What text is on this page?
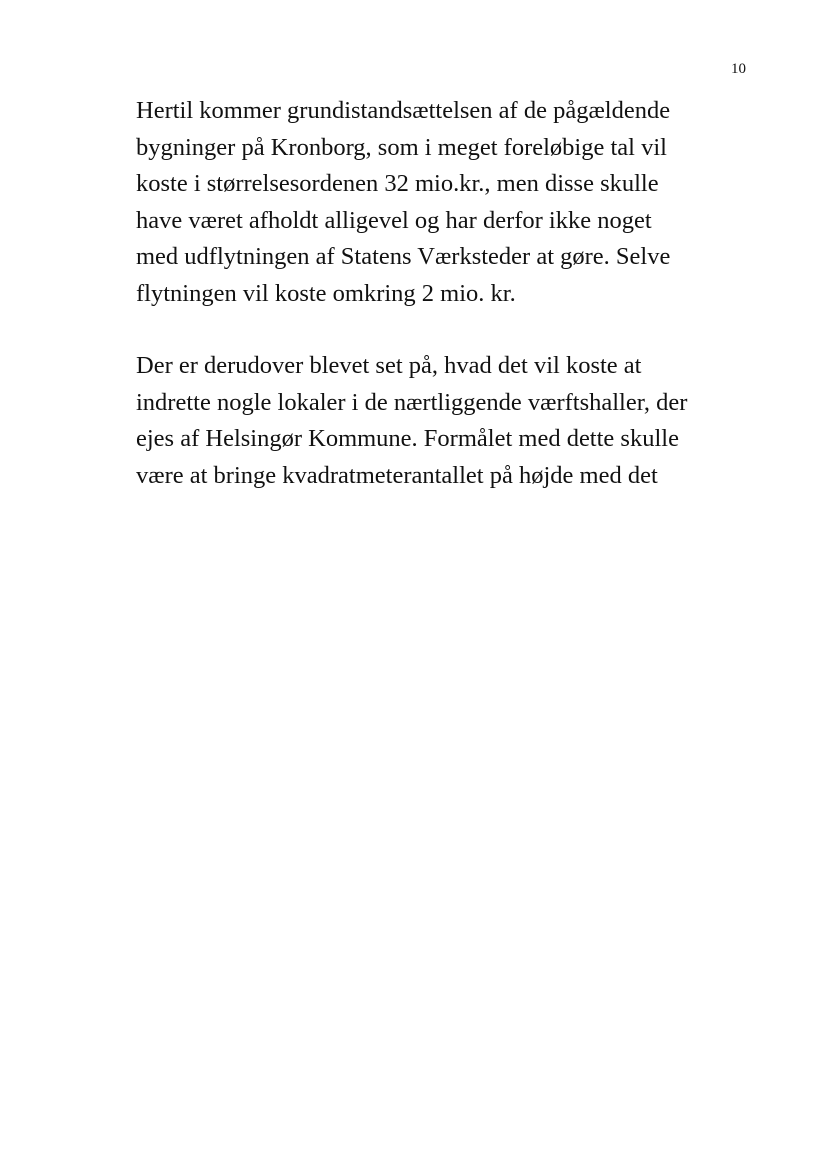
10

Hertil kommer grundistandsættelsen af de pågældende
bygninger på Kronborg, som i meget foreløbige tal vil
koste i størrelsesordenen 32 mio.kr., men disse skulle
have været afholdt alligevel og har derfor ikke noget
med udflytningen af Statens Værksteder at gøre. Selve
flytningen vil koste omkring 2 mio. kr.

Der er derudover blevet set på, hvad det vil koste at
indrette nogle lokaler i de nærtliggende værftshaller, der
ejes af Helsingør Kommune. Formålet med dette skulle
være at bringe kvadratmeterantallet på højde med det
